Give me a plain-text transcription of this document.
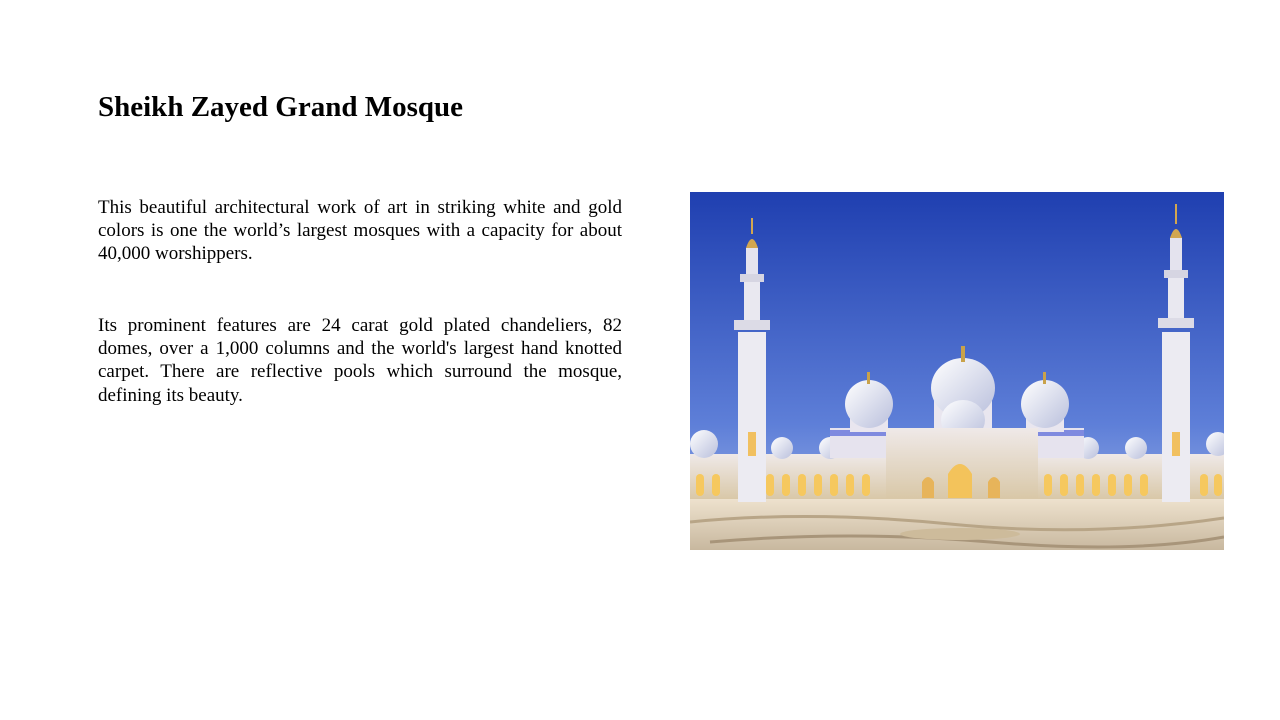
Sheikh Zayed Grand Mosque

This beautiful architectural work of art in striking white and gold colors is one the world’s largest mosques with a capacity for about 40,000 worshippers.

Its prominent features are 24 carat gold plated chandeliers, 82 domes, over a 1,000 columns and the world's largest hand knotted carpet. There are reflective pools which surround the mosque, defining its beauty.
